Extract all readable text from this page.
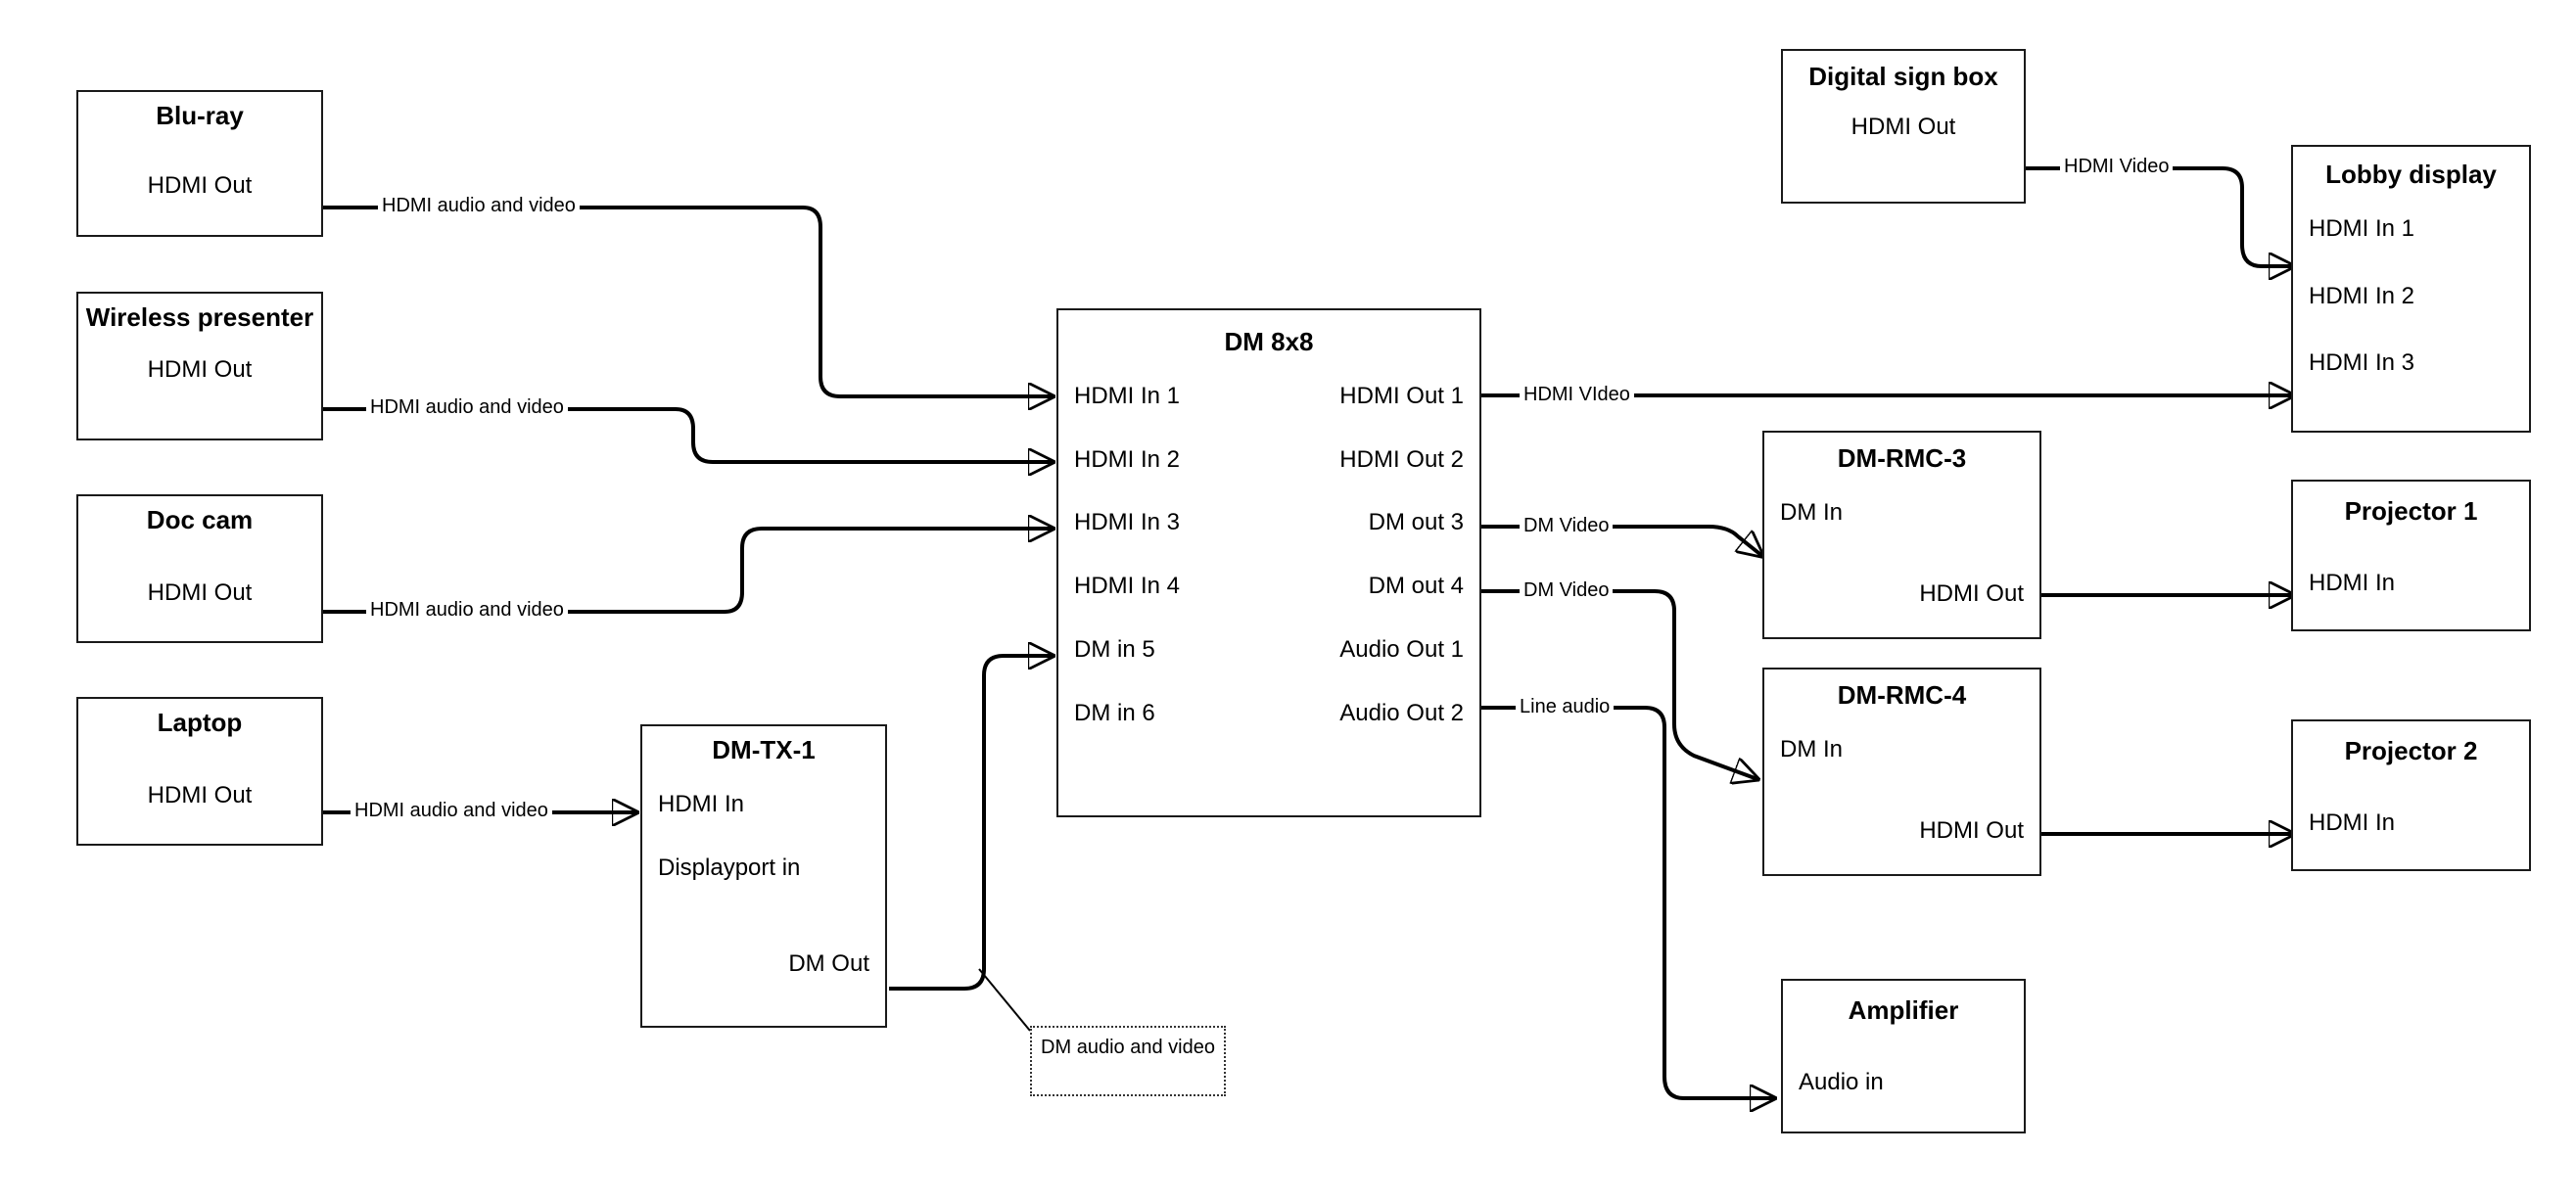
Blu-ray
HDMI Out
Wireless presenter
HDMI Out
Doc cam
HDMI Out
Laptop
HDMI Out
DM-TX-1
HDMI In
Displayport in
DM Out
DM 8x8
HDMI In 1
HDMI In 2
HDMI In 3
HDMI In 4
DM in 5
DM in 6
HDMI Out 1
HDMI Out 2
DM out 3
DM out 4
Audio Out 1
Audio Out 2
Digital sign box
HDMI Out
Lobby display
HDMI In 1
HDMI In 2
HDMI In 3
DM-RMC-3
DM In
HDMI Out
DM-RMC-4
DM In
HDMI Out
Projector 1
HDMI In
Projector 2
HDMI In
Amplifier
Audio in
HDMI audio and video
HDMI audio and video
HDMI audio and video
HDMI audio and video
HDMI Video
HDMI VIdeo
DM Video
DM Video
Line audio
DM audio and video
